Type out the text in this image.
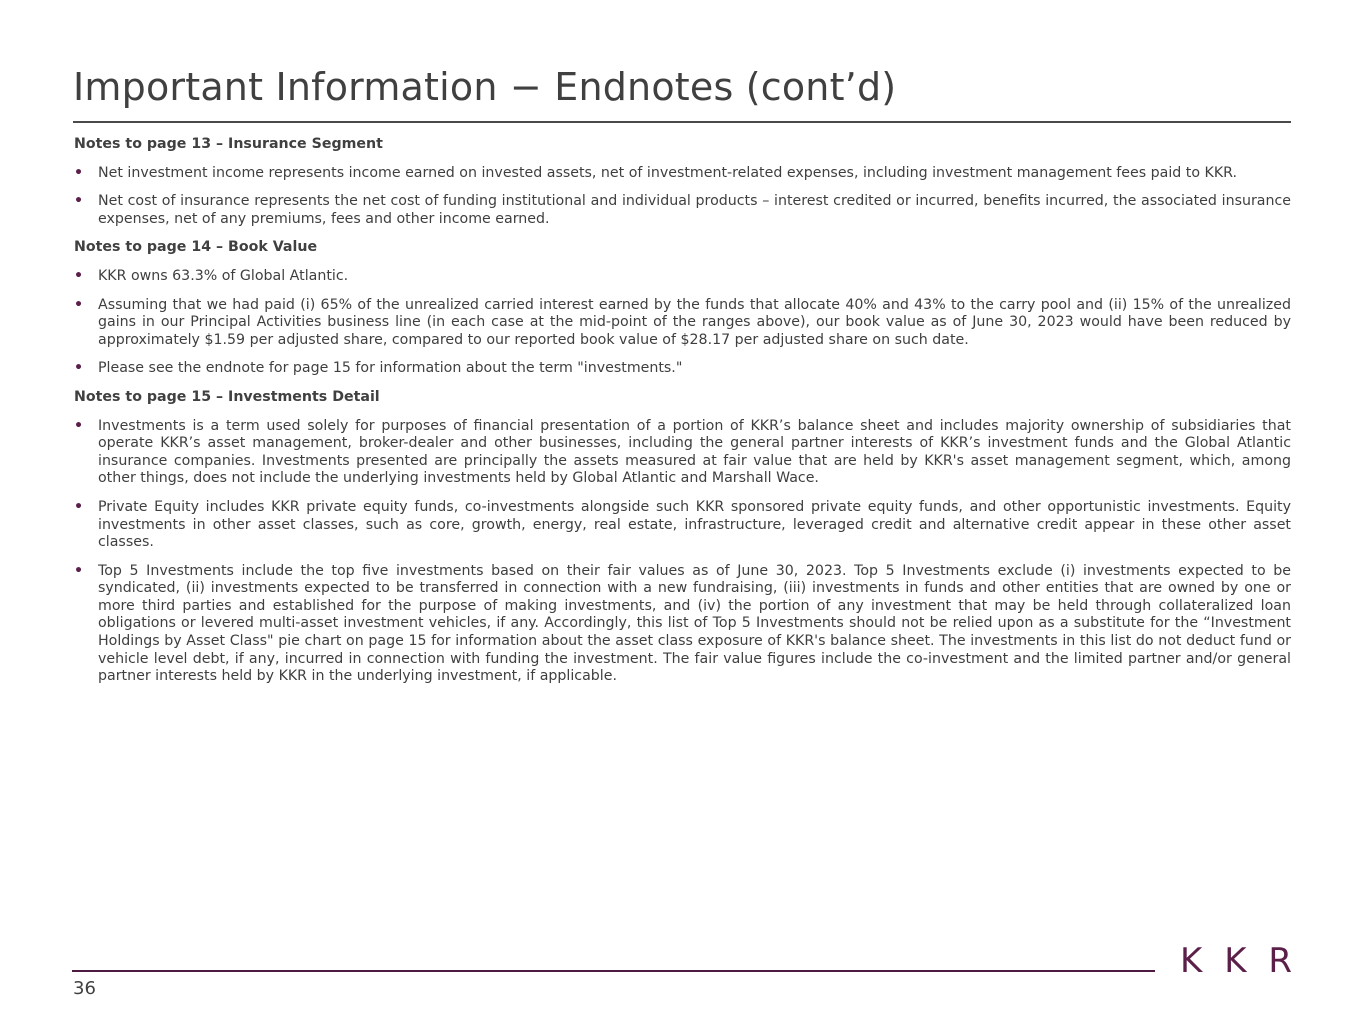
Important Information − Endnotes (cont’d)
Notes to page 13 – Insurance Segment
•	Net investment income represents income earned on invested assets, net of investment-related expenses, including investment management fees paid to KKR.
•	Net cost of insurance represents the net cost of funding institutional and individual products – interest credited or incurred, benefits incurred, the associated insurance expenses, net of any premiums, fees and other income earned.
Notes to page 14 – Book Value
•	KKR owns 63.3% of Global Atlantic.
•	Assuming that we had paid (i) 65% of the unrealized carried interest earned by the funds that allocate 40% and 43% to the carry pool and (ii) 15% of the unrealized gains in our Principal Activities business line (in each case at the mid-point of the ranges above), our book value as of June 30, 2023 would have been reduced by approximately $1.59 per adjusted share, compared to our reported book value of $28.17 per adjusted share on such date.
•	Please see the endnote for page 15 for information about the term "investments."
Notes to page 15 – Investments Detail
•	Investments is a term used solely for purposes of financial presentation of a portion of KKR’s balance sheet and includes majority ownership of subsidiaries that operate KKR’s asset management, broker-dealer and other businesses, including the general partner interests of KKR’s investment funds and the Global Atlantic insurance companies. Investments presented are principally the assets measured at fair value that are held by KKR's asset management segment, which, among other things, does not include the underlying investments held by Global Atlantic and Marshall Wace.
•	Private Equity includes KKR private equity funds, co-investments alongside such KKR sponsored private equity funds, and other opportunistic investments. Equity investments in other asset classes, such as core, growth, energy, real estate, infrastructure, leveraged credit and alternative credit appear in these other asset classes.
•	Top 5 Investments include the top five investments based on their fair values as of June 30, 2023. Top 5 Investments exclude (i) investments expected to be syndicated, (ii) investments expected to be transferred in connection with a new fundraising, (iii) investments in funds and other entities that are owned by one or more third parties and established for the purpose of making investments, and (iv) the portion of any investment that may be held through collateralized loan obligations or levered multi-asset investment vehicles, if any. Accordingly, this list of Top 5 Investments should not be relied upon as a substitute for the “Investment Holdings by Asset Class" pie chart on page 15 for information about the asset class exposure of KKR's balance sheet. The investments in this list do not deduct fund or vehicle level debt, if any, incurred in connection with funding the investment. The fair value figures include the co-investment and the limited partner and/or general partner interests held by KKR in the underlying investment, if applicable.
36
K K R
